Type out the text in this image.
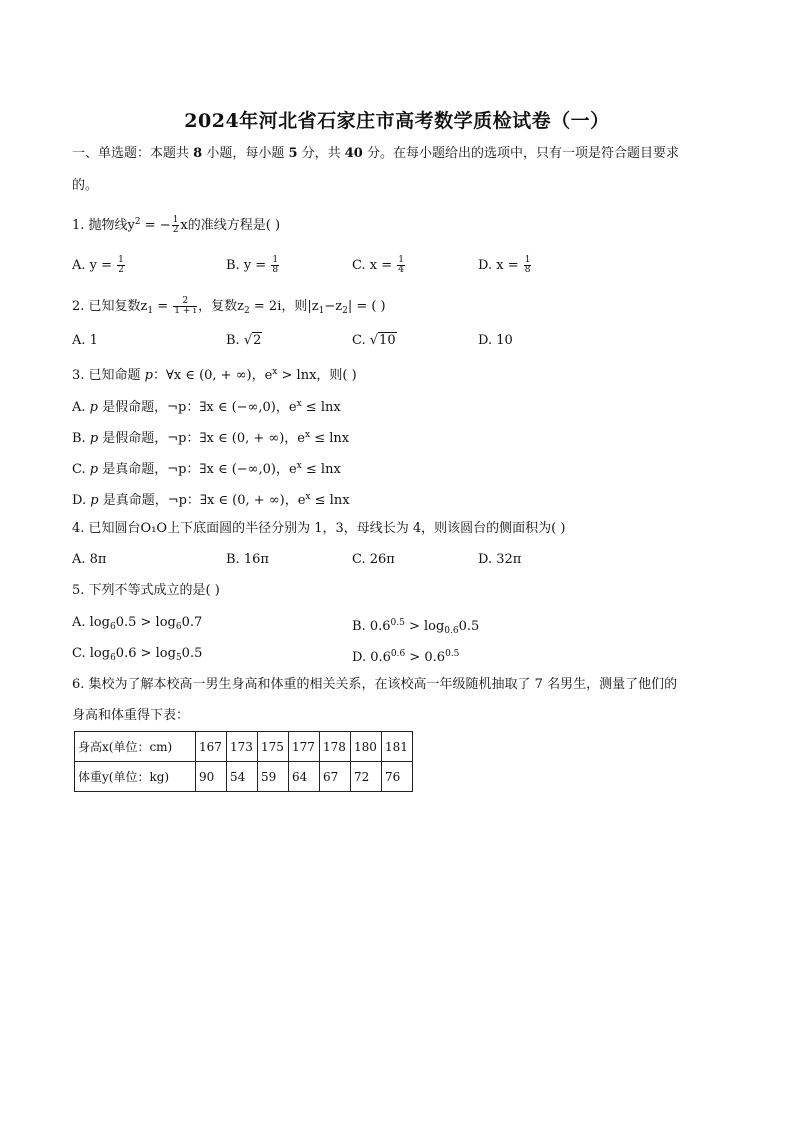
2024年河北省石家庄市高考数学质检试卷（一）
一、单选题：本题共 8 小题，每小题 5 分，共 40 分。在每小题给出的选项中，只有一项是符合题目要求
的。
1. 抛物线$y^2$ = − $\frac{1}{2}$ x的准线方程是( )
A. $y = \frac{1}{2}$	B. $y = \frac{1}{8}$	C. $x = \frac{1}{4}$	D. $x = \frac{1}{8}$
2. 已知复数$z_1 = \frac{2}{1 + i}$ ，复数$z_2 = 2i$，则$|z_1-z_2|$ = ( )
A. 1	B. √2	C. √10	D. 10
3. 已知命题 p：∀x ∈ (0, + ∞)，$e^x > \ln x$，则( )
A. p 是假命题，¬p：∃x ∈ (−∞,0)，$e^x \le \ln x$
B. p 是假命题，¬p：∃x ∈ (0, + ∞)，$e^x \le \ln x$
C. p 是真命题，¬p：∃x ∈ (−∞,0)，$e^x \le \ln x$
D. p 是真命题，¬p：∃x ∈ (0, + ∞)，$e^x \le \ln x$
4. 已知圆台O₁O上下底面圆的半径分别为 1，3，母线长为 4，则该圆台的侧面积为( )
A. 8π	B. 16π	C. 26π	D. 32π
5. 下列不等式成立的是( )
A. $\log_60.5 > \log_60.7$	B. $0.6^{0.5} > \log_{0.6}0.5$
C. $\log_60.6 > \log_50.5$	D. $0.6^{0.6} > 0.6^{0.5}$
6. 集校为了解本校高一男生身高和体重的相关关系，在该校高一年级随机抽取了 7 名男生，测量了他们的
身高和体重得下表：
身高x(单位：cm)	167	173	175	177	178	180	181
体重y(单位：kg)	90	54	59	64	67	72	76
